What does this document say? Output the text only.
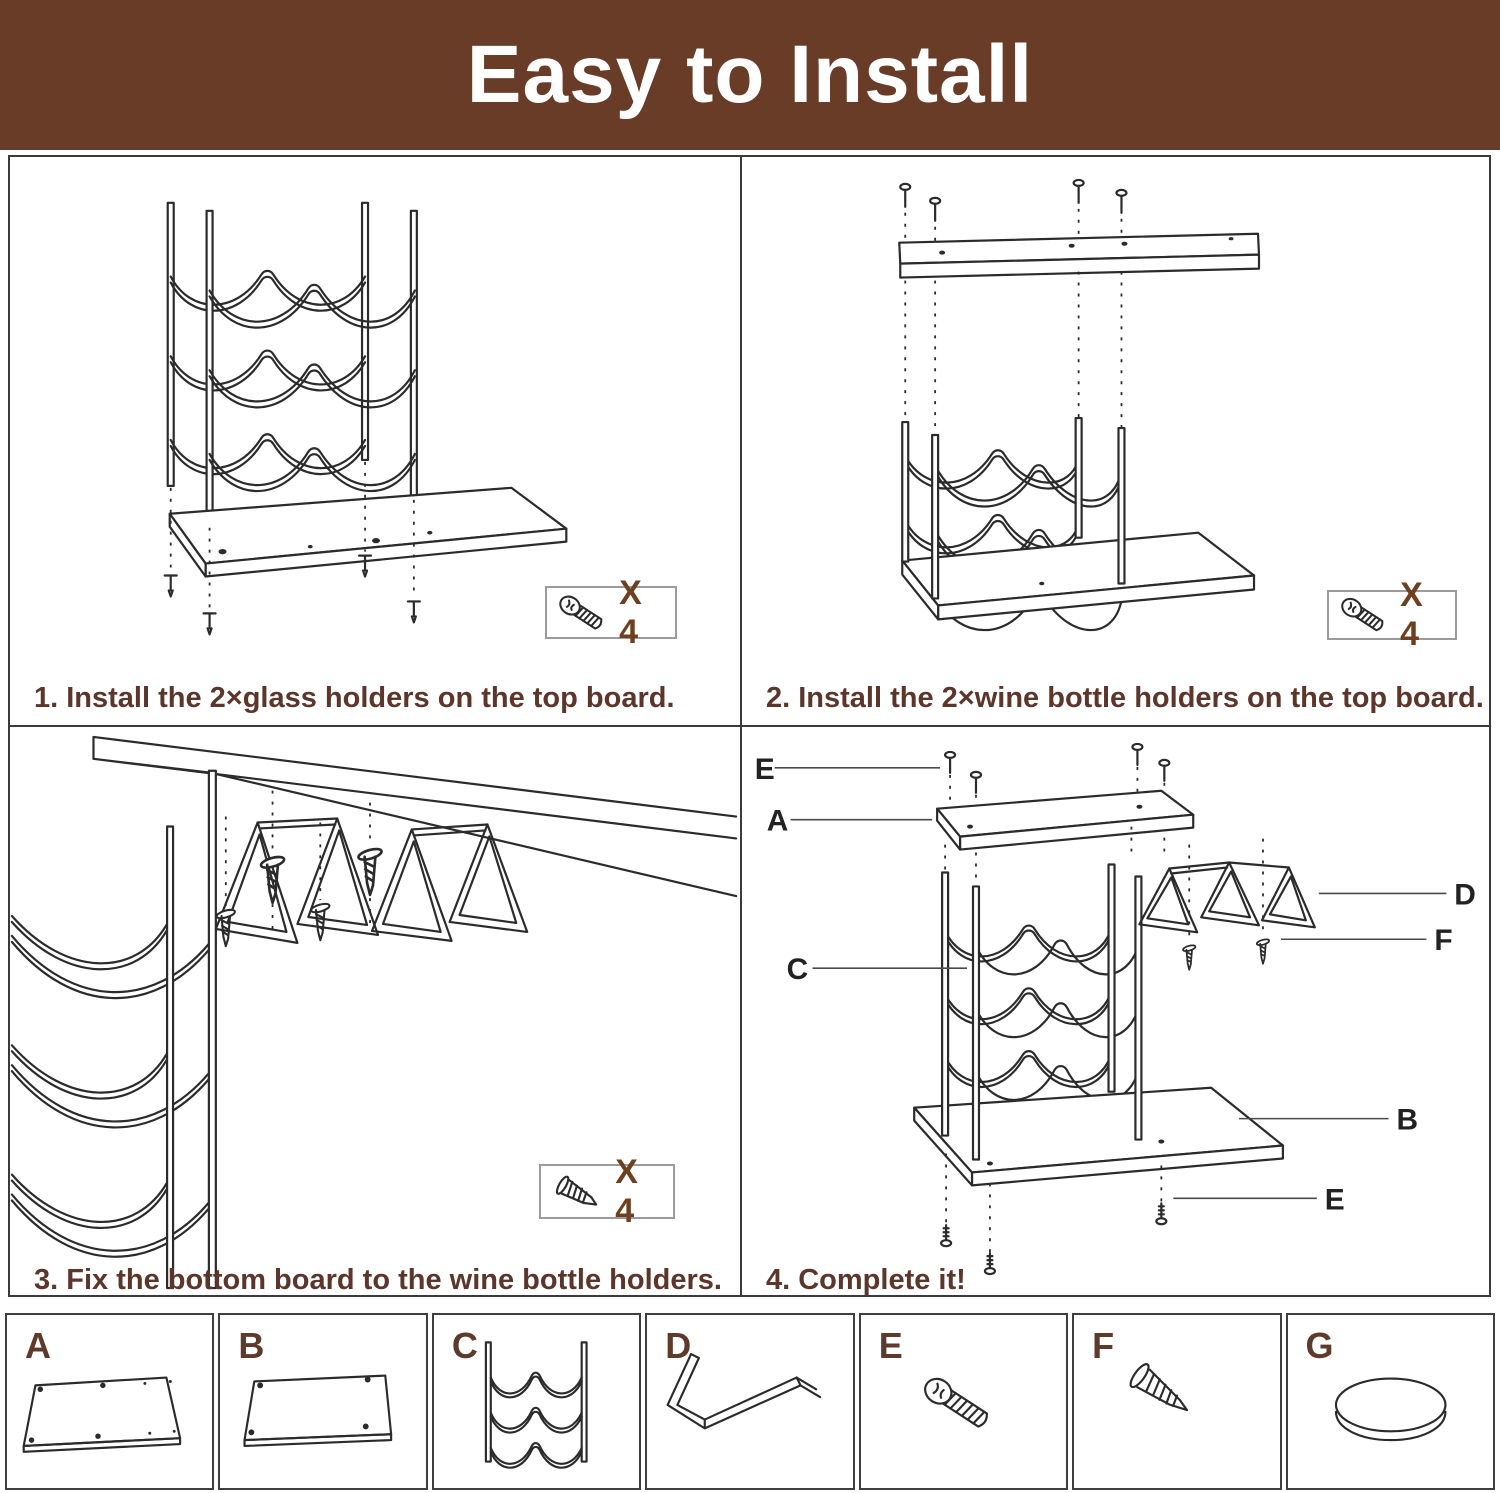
Easy to Install
X 4

1. Install the 2×glass holders on the top board.

X 4

2. Install the 2×wine bottle holders on the top board.

X 4

3. Fix the bottom board to the wine bottle holders.

E
A
D
F
C
B
E

4. Complete it!

A	B	C	D	E	F	G
